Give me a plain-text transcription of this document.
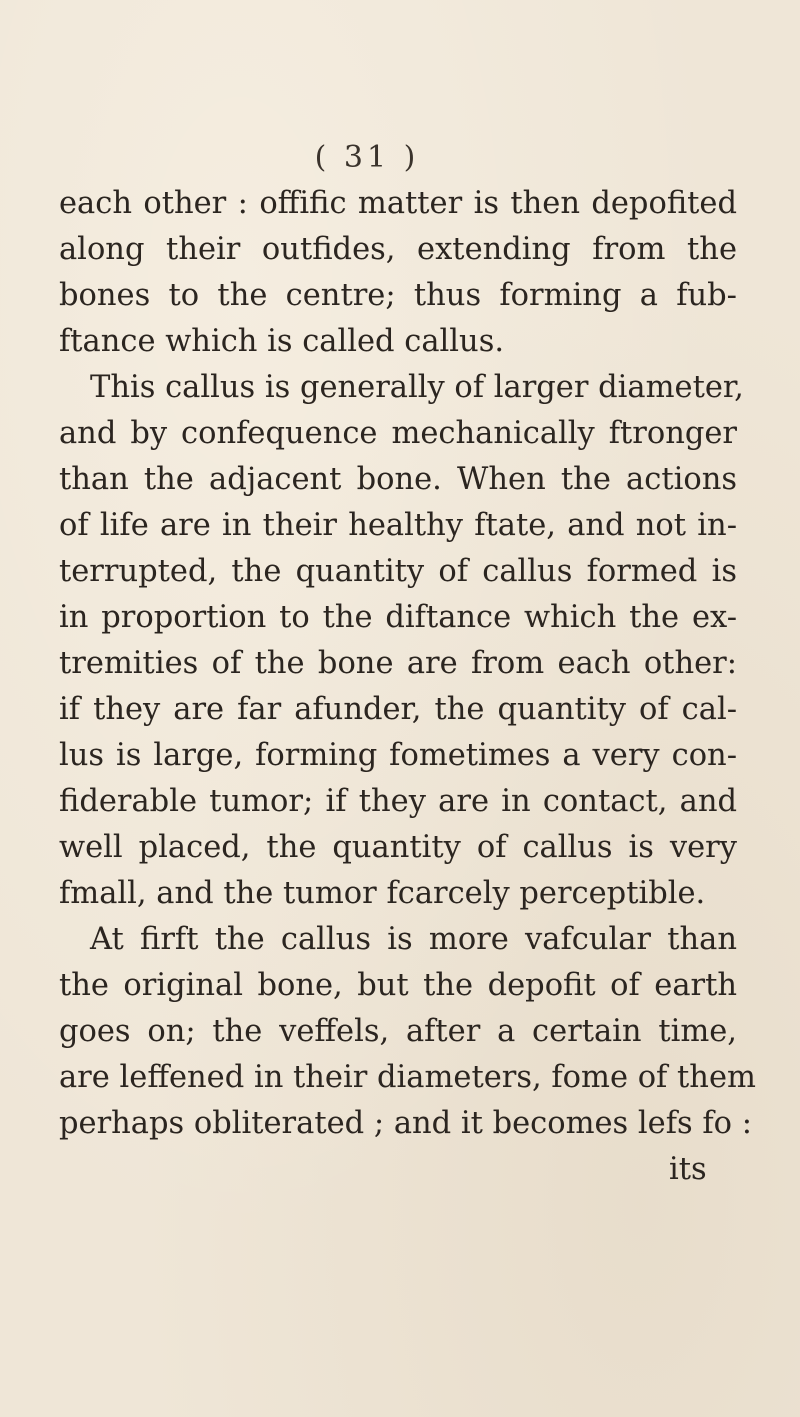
( 31 )
each other : offific matter is then depofited
along their outfides, extending from the
bones to the centre; thus forming a fub-
ftance which is called callus.
This callus is generally of larger diameter,
and by confequence mechanically ftronger
than the adjacent bone. When the actions
of life are in their healthy ftate, and not in-
terrupted, the quantity of callus formed is
in proportion to the diftance which the ex-
tremities of the bone are from each other:
if they are far afunder, the quantity of cal-
lus is large, forming fometimes a very con-
fiderable tumor; if they are in contact, and
well placed, the quantity of callus is very
fmall, and the tumor fcarcely perceptible.
At firft the callus is more vafcular than
the original bone, but the depofit of earth
goes on; the veffels, after a certain time,
are leffened in their diameters, fome of them
perhaps obliterated ; and it becomes lefs fo :
its
